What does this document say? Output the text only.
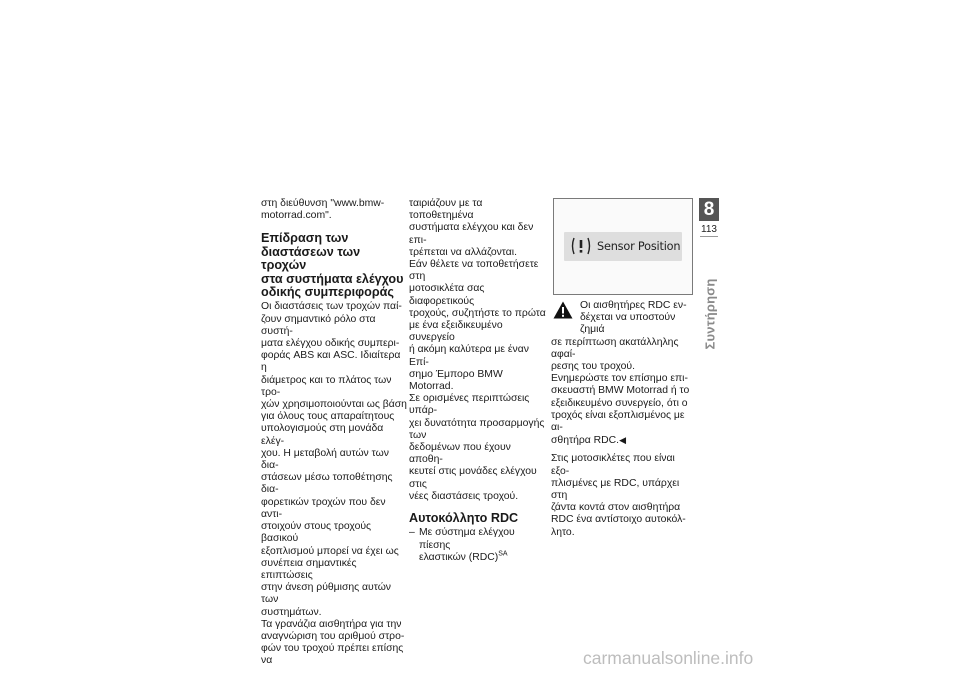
στη διεύθυνση "www.bmw-
motorrad.com".

Επίδραση των
διαστάσεων των τροχών
στα συστήματα ελέγχου
οδικής συμπεριφοράς

Οι διαστάσεις των τροχών παί-
ζουν σημαντικό ρόλο στα συστή-
ματα ελέγχου οδικής συμπερι-
φοράς ABS και ASC. Ιδιαίτερα η
διάμετρος και το πλάτος των τρο-
χών χρησιμοποιούνται ως βάση
για όλους τους απαραίτητους
υπολογισμούς στη μονάδα ελέγ-
χου. Η μεταβολή αυτών των δια-
στάσεων μέσω τοποθέτησης δια-
φορετικών τροχών που δεν αντι-
στοιχούν στους τροχούς βασικού
εξοπλισμού μπορεί να έχει ως
συνέπεια σημαντικές επιπτώσεις
στην άνεση ρύθμισης αυτών των
συστημάτων.
Τα γρανάζια αισθητήρα για την
αναγνώριση του αριθμού στρο-
φών του τροχού πρέπει επίσης να

ταιριάζουν με τα τοποθετημένα
συστήματα ελέγχου και δεν επι-
τρέπεται να αλλάζονται.
Εάν θέλετε να τοποθετήσετε στη
μοτοσικλέτα σας διαφορετικούς
τροχούς, συζητήστε το πρώτα
με ένα εξειδικευμένο συνεργείο
ή ακόμη καλύτερα με έναν Επί-
σημο Έμπορο BMW Motorrad.
Σε ορισμένες περιπτώσεις υπάρ-
χει δυνατότητα προσαρμογής των
δεδομένων που έχουν αποθη-
κευτεί στις μονάδες ελέγχου στις
νέες διαστάσεις τροχού.

Αυτοκόλλητο RDC
– Με σύστημα ελέγχου πίεσης
ελαστικών (RDC)$^{SA}$
Sensor Position

Οι αισθητήρες RDC εν-
δέχεται να υποστούν ζημιά

σε περίπτωση ακατάλληλης αφαί-
ρεσης του τροχού.
Ενημερώστε τον επίσημο επι-
σκευαστή BMW Motorrad ή το
εξειδικευμένο συνεργείο, ότι ο
τροχός είναι εξοπλισμένος με αι-
σθητήρα RDC.◀

Στις μοτοσικλέτες που είναι εξο-
πλισμένες με RDC, υπάρχει στη
ζάντα κοντά στον αισθητήρα
RDC ένα αντίστοιχο αυτοκόλ-
λητο.

8
113
Συντήρηση
carmanualsonline.info
